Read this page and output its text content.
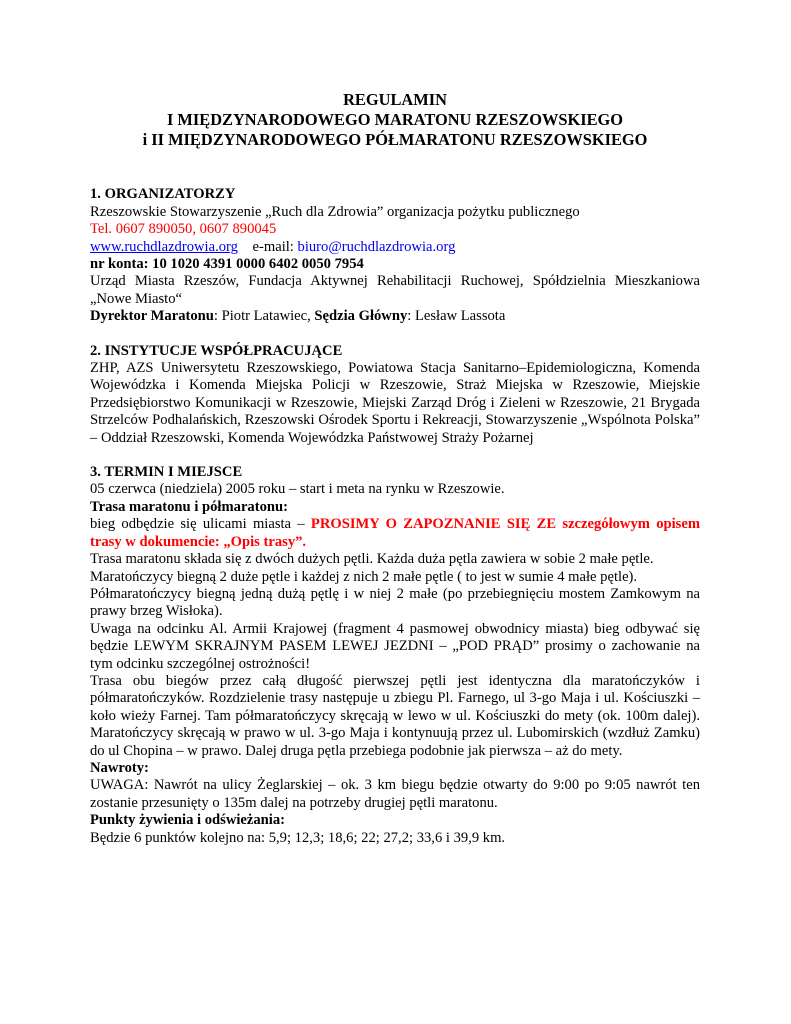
REGULAMIN
I MIĘDZYNARODOWEGO MARATONU RZESZOWSKIEGO
i II MIĘDZYNARODOWEGO PÓŁMARATONU RZESZOWSKIEGO
1. ORGANIZATORZY
Rzeszowskie Stowarzyszenie „Ruch dla Zdrowia” organizacja pożytku publicznego
Tel. 0607 890050, 0607 890045
www.ruchdlazdrowia.org e-mail: biuro@ruchdlazdrowia.org
nr konta: 10 1020 4391 0000 6402 0050 7954
Urząd Miasta Rzeszów, Fundacja Aktywnej Rehabilitacji Ruchowej, Spółdzielnia Mieszkaniowa „Nowe Miasto“
Dyrektor Maratonu: Piotr Latawiec, Sędzia Główny: Lesław Lassota
2. INSTYTUCJE WSPÓŁPRACUJĄCE
ZHP, AZS Uniwersytetu Rzeszowskiego, Powiatowa Stacja Sanitarno–Epidemiologiczna, Komenda Wojewódzka i Komenda Miejska Policji w Rzeszowie, Straż Miejska w Rzeszowie, Miejskie Przedsiębiorstwo Komunikacji w Rzeszowie, Miejski Zarząd Dróg i Zieleni w Rzeszowie, 21 Brygada Strzelców Podhalańskich, Rzeszowski Ośrodek Sportu i Rekreacji, Stowarzyszenie „Wspólnota Polska” – Oddział Rzeszowski, Komenda Wojewódzka Państwowej Straży Pożarnej
3. TERMIN I MIEJSCE
05 czerwca (niedziela) 2005 roku – start i meta na rynku w Rzeszowie.
Trasa maratonu i półmaratonu:
bieg odbędzie się ulicami miasta – PROSIMY O ZAPOZNANIE SIĘ ZE szczegółowym opisem trasy w dokumencie: „Opis trasy”.
Trasa maratonu składa się z dwóch dużych pętli. Każda duża pętla zawiera w sobie 2 małe pętle.
Maratończycy biegną 2 duże pętle i każdej z nich 2 małe pętle ( to jest w sumie 4 małe pętle).
Półmaratończycy biegną jedną dużą pętlę i w niej 2 małe (po przebiegnięciu mostem Zamkowym na prawy brzeg Wisłoka).
Uwaga na odcinku Al. Armii Krajowej (fragment 4 pasmowej obwodnicy miasta) bieg odbywać się będzie LEWYM SKRAJNYM PASEM LEWEJ JEZDNI – „POD PRĄD” prosimy o zachowanie na tym odcinku szczególnej ostrożności!
Trasa obu biegów przez całą długość pierwszej pętli jest identyczna dla maratończyków i półmaratończyków. Rozdzielenie trasy następuje u zbiegu Pl. Farnego, ul 3-go Maja i ul. Kościuszki – koło wieży Farnej. Tam półmaratończycy skręcają w lewo w ul. Kościuszki do mety (ok. 100m dalej). Maratończycy skręcają w prawo w ul. 3-go Maja i kontynuują przez ul. Lubomirskich (wzdłuż Zamku) do ul Chopina – w prawo. Dalej druga pętla przebiega podobnie jak pierwsza – aż do mety.
Nawroty:
UWAGA: Nawrót na ulicy Żeglarskiej – ok. 3 km biegu będzie otwarty do 9:00 po 9:05 nawrót ten zostanie przesunięty o 135m dalej na potrzeby drugiej pętli maratonu.
Punkty żywienia i odświeżania:
Będzie 6 punktów kolejno na: 5,9; 12,3; 18,6; 22; 27,2; 33,6 i 39,9 km.
